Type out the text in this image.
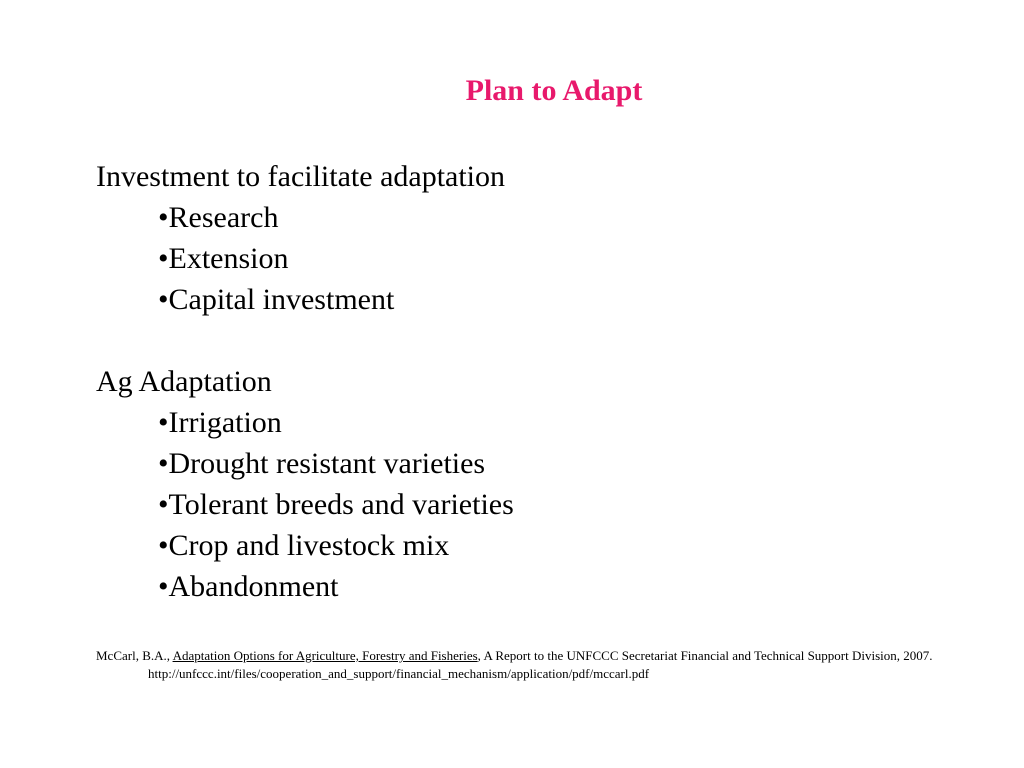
Plan to Adapt

Investment to facilitate adaptation

• Research
• Extension
• Capital investment

Ag Adaptation

• Irrigation
• Drought resistant varieties
• Tolerant breeds and varieties
• Crop and livestock mix
• Abandonment
McCarl, B.A., Adaptation Options for Agriculture, Forestry and Fisheries, A Report to the UNFCCC Secretariat Financial and Technical Support Division, 2007. http://unfccc.int/files/cooperation_and_support/financial_mechanism/application/pdf/mccarl.pdf
